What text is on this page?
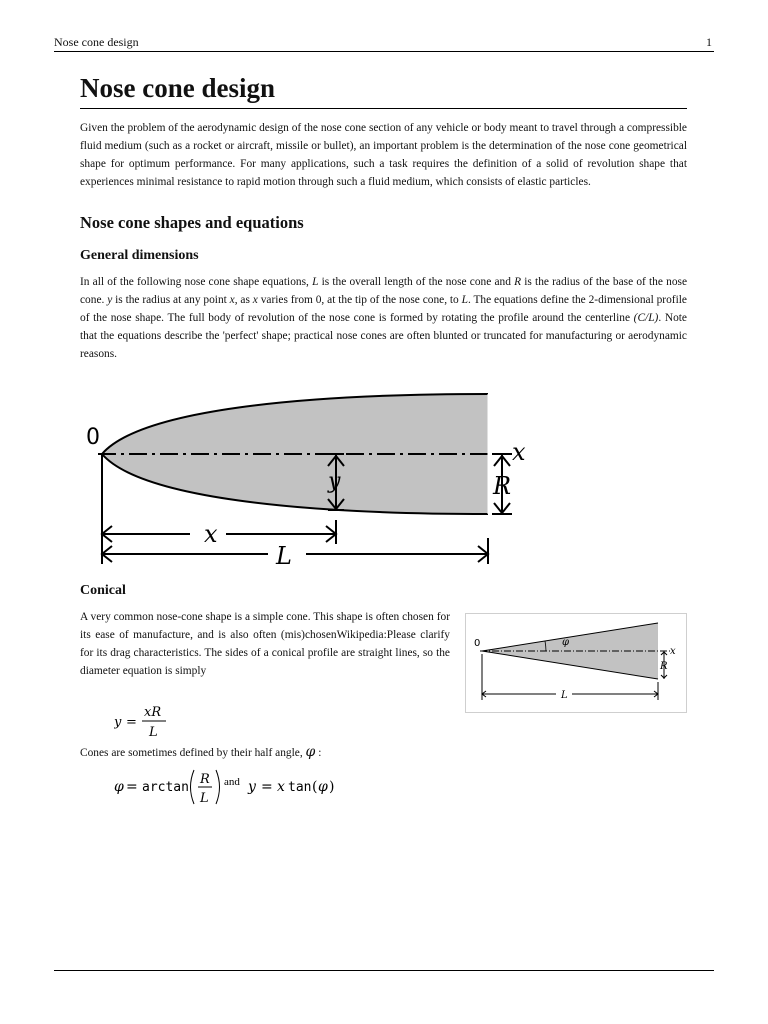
Nose cone design	1
Nose cone design

Given the problem of the aerodynamic design of the nose cone section of any vehicle or body meant to travel through a compressible fluid medium (such as a rocket or aircraft, missile or bullet), an important problem is the determination of the nose cone geometrical shape for optimum performance. For many applications, such a task requires the definition of a solid of revolution shape that experiences minimal resistance to rapid motion through such a fluid medium, which consists of elastic particles.

Nose cone shapes and equations
General dimensions

In all of the following nose cone shape equations, L is the overall length of the nose cone and R is the radius of the base of the nose cone. y is the radius at any point x, as x varies from 0, at the tip of the nose cone, to L. The equations define the 2-dimensional profile of the nose shape. The full body of revolution of the nose cone is formed by rotating the profile around the centerline (C/L). Note that the equations describe the 'perfect' shape; practical nose cones are often blunted or truncated for manufacturing or aerodynamic reasons.

0
x
y	R
x
L
Conical

A very common nose-cone shape is a simple cone. This shape is often chosen for its ease of manufacture, and is also often (mis)chosenWikipedia:Please clarify for its drag characteristics. The sides of a conical profile are straight lines, so the diameter equation is simply

φ
0
x
R
L
y =
xR
L
Cones are sometimes defined by their half angle, φ :
φ = arctan
R
L
and y = x tan ( φ )
